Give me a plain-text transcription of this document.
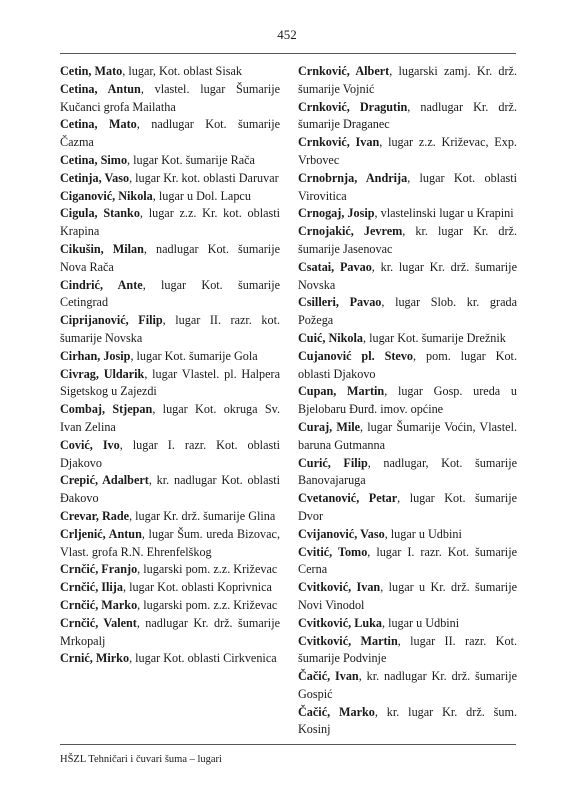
452

Cetin, Mato, lugar, Kot. oblast Sisak

Cetina, Antun, vlastel. lugar Šumarije Kučanci grofa Mailatha

Cetina, Mato, nadlugar Kot. šumarije Čazma

Cetina, Simo, lugar Kot. šumarije Rača

Cetinja, Vaso, lugar Kr. kot. oblasti Daruvar

Ciganović, Nikola, lugar u Dol. Lapcu

Cigula, Stanko, lugar z.z. Kr. kot. oblasti Krapina

Cikušin, Milan, nadlugar Kot. šumarije Nova Rača

Cindrić, Ante, lugar Kot. šumarije Cetingrad

Ciprijanović, Filip, lugar II. razr. kot. šumarije Novska

Cirhan, Josip, lugar Kot. šumarije Gola

Civrag, Uldarik, lugar Vlastel. pl. Halpera Sigetskog u Zajezdi

Combaj, Stjepan, lugar Kot. okruga Sv. Ivan Zelina

Cović, Ivo, lugar I. razr. Kot. oblasti Djakovo

Crepić, Adalbert, kr. nadlugar Kot. oblasti Đakovo

Crevar, Rade, lugar Kr. drž. šumarije Glina

Crljenić, Antun, lugar Šum. ureda Bizovac, Vlast. grofa R.N. Ehrenfelškog

Crnčić, Franjo, lugarski pom. z.z. Križevac

Crnčić, Ilija, lugar Kot. oblasti Koprivnica

Crnčić, Marko, lugarski pom. z.z. Križevac

Crnčić, Valent, nadlugar Kr. drž. šumarije Mrkopalj

Crnić, Mirko, lugar Kot. oblasti Cirkvenica

Crnković, Albert, lugarski zamj. Kr. drž. šumarije Vojnić

Crnković, Dragutin, nadlugar Kr. drž. šumarije Draganec

Crnković, Ivan, lugar z.z. Križevac, Exp. Vrbovec

Crnobrnja, Andrija, lugar Kot. oblasti Virovitica

Crnogaj, Josip, vlastelinski lugar u Krapini

Crnojakić, Jevrem, kr. lugar Kr. drž. šumarije Jasenovac

Csatai, Pavao, kr. lugar Kr. drž. šumarije Novska

Csilleri, Pavao, lugar Slob. kr. grada Požega

Cuić, Nikola, lugar Kot. šumarije Drežnik

Cujanović pl. Stevo, pom. lugar Kot. oblasti Djakovo

Cupan, Martin, lugar Gosp. ureda u Bjelobaru Đurđ. imov. općine

Curaj, Mile, lugar Šumarije Voćin, Vlastel. baruna Gutmanna

Curić, Filip, nadlugar, Kot. šumarije Banovajaruga

Cvetanović, Petar, lugar Kot. šumarije Dvor

Cvijanović, Vaso, lugar u Udbini

Cvitić, Tomo, lugar I. razr. Kot. šumarije Cerna

Cvitković, Ivan, lugar u Kr. drž. šumarije Novi Vinodol

Cvitković, Luka, lugar u Udbini

Cvitković, Martin, lugar II. razr. Kot. šumarije Podvinje

Čačić, Ivan, kr. nadlugar Kr. drž. šumarije Gospić

Čačić, Marko, kr. lugar Kr. drž. šum. Kosinj

HŠZL Tehničari i čuvari šuma – lugari
